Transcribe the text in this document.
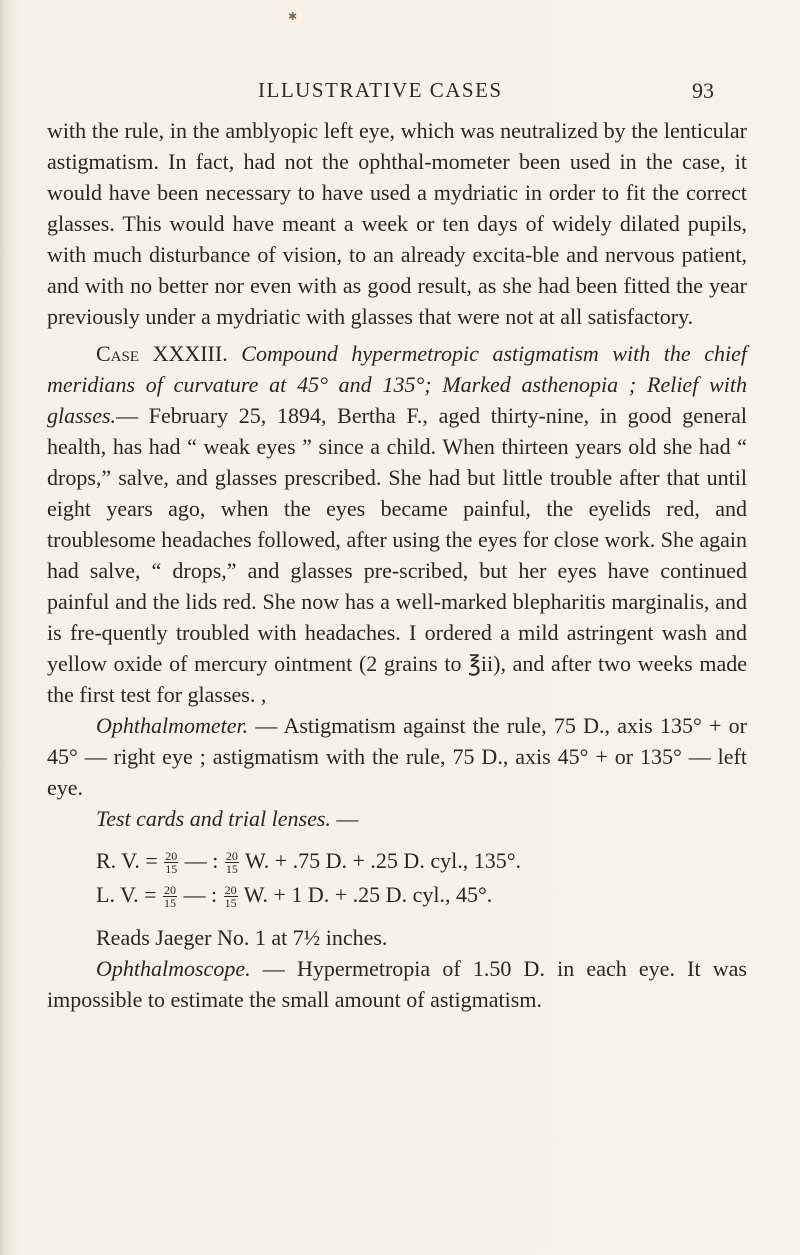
✱
ILLUSTRATIVE CASES	93

with the rule, in the amblyopic left eye, which was neutralized by the lenticular astigmatism. In fact, had not the ophthal-mometer been used in the case, it would have been necessary to have used a mydriatic in order to fit the correct glasses. This would have meant a week or ten days of widely dilated pupils, with much disturbance of vision, to an already excita-ble and nervous patient, and with no better nor even with as good result, as she had been fitted the year previously under a mydriatic with glasses that were not at all satisfactory.

Case XXXIII. Compound hypermetropic astigmatism with the chief meridians of curvature at 45° and 135°; Marked asthenopia ; Relief with glasses.— February 25, 1894, Bertha F., aged thirty-nine, in good general health, has had “ weak eyes ” since a child. When thirteen years old she had “ drops,” salve, and glasses prescribed. She had but little trouble after that until eight years ago, when the eyes became painful, the eyelids red, and troublesome headaches followed, after using the eyes for close work. She again had salve, “ drops,” and glasses pre-scribed, but her eyes have continued painful and the lids red. She now has a well-marked blepharitis marginalis, and is fre-quently troubled with headaches. I ordered a mild astringent wash and yellow oxide of mercury ointment (2 grains to ℥ii), and after two weeks made the first test for glasses. ,

Ophthalmometer. — Astigmatism against the rule, 75 D., axis 135° + or 45° — right eye ; astigmatism with the rule, 75 D., axis 45° + or 135° — left eye.

Test cards and trial lenses. —

R. V. = $\frac{20}{15}$ — : $\frac{20}{15} W$. + .75 D. + .25 D. cyl., 135°.

L. V. = $\frac{20}{15}$ — : $\frac{20}{15} W$. + 1 D. + .25 D. cyl., 45°.

Reads Jaeger No. 1 at 7½ inches.

Ophthalmoscope. — Hypermetropia of 1.50 D. in each eye. It was impossible to estimate the small amount of astigmatism.
